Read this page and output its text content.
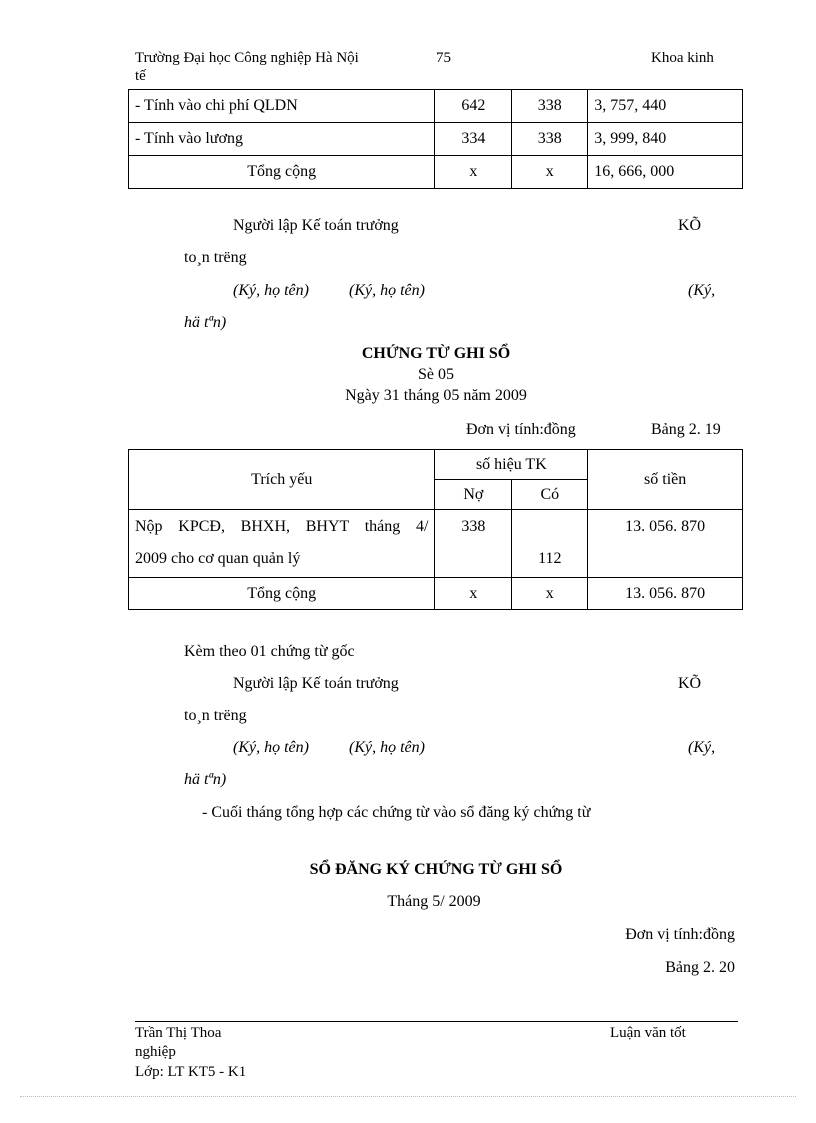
Trường Đại học Công nghiệp Hà Nội	75	Khoa kinh
tế
- Tính vào chi phí QLDN	642	338	3, 757, 440
- Tính vào lương	334	338	3, 999, 840
Tổng cộng	x	x	16, 666, 000
Người lập Kế toán trưởng	KÕ
to¸n trëng
(Ký, họ tên)	(Ký, họ tên)	(Ký,
hä tªn)
CHỨNG TỪ GHI SỔ
Sè 05
Ngày 31 tháng 05 năm 2009
Đơn vị tính:đồng	Bảng 2. 19
Trích yếu	số hiệu TK		số tiền
	Nợ	Có	

Nộp KPCĐ, BHXH, BHYT tháng 4/
2009 cho cơ quan quản lý	338	112	13. 056. 870
Tổng cộng	x	x	13. 056. 870
Kèm theo 01 chứng từ gốc
Người lập Kế toán trưởng	KÕ
to¸n trëng
(Ký, họ tên)	(Ký, họ tên)	(Ký,
hä tªn)
- Cuối tháng tổng hợp các chứng từ vào sổ đăng ký chứng từ
SỔ ĐĂNG KÝ CHỨNG TỪ GHI SỔ
Tháng 5/ 2009
Đơn vị tính:đồng
Bảng 2. 20
Trần Thị Thoa	Luận văn tốt
nghiệp
Lớp: LT KT5 - K1
